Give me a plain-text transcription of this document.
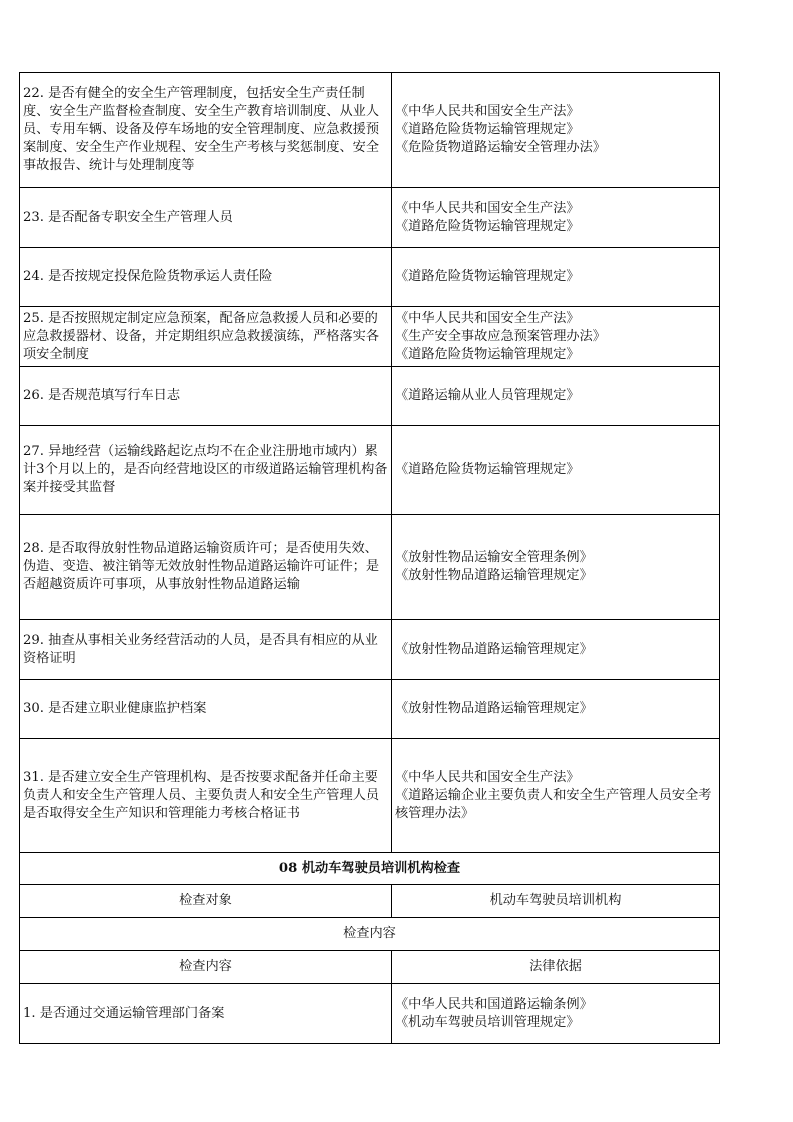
22. 是否有健全的安全生产管理制度，包括安全生产责任制度、安全生产监督检查制度、安全生产教育培训制度、从业人员、专用车辆、设备及停车场地的安全管理制度、应急救援预案制度、安全生产作业规程、安全生产考核与奖惩制度、安全事故报告、统计与处理制度等	《中华人民共和国安全生产法》
《道路危险货物运输管理规定》
《危险货物道路运输安全管理办法》

23. 是否配备专职安全生产管理人员	《中华人民共和国安全生产法》
《道路危险货物运输管理规定》

24. 是否按规定投保危险货物承运人责任险	《道路危险货物运输管理规定》

25. 是否按照规定制定应急预案，配备应急救援人员和必要的应急救援器材、设备，并定期组织应急救援演练，严格落实各项安全制度	《中华人民共和国安全生产法》
《生产安全事故应急预案管理办法》
《道路危险货物运输管理规定》

26. 是否规范填写行车日志	《道路运输从业人员管理规定》

27. 异地经营（运输线路起讫点均不在企业注册地市域内）累计3个月以上的，是否向经营地设区的市级道路运输管理机构备案并接受其监督	《道路危险货物运输管理规定》

28. 是否取得放射性物品道路运输资质许可；是否使用失效、伪造、变造、被注销等无效放射性物品道路运输许可证件；是否超越资质许可事项，从事放射性物品道路运输	《放射性物品运输安全管理条例》
《放射性物品道路运输管理规定》

29. 抽查从事相关业务经营活动的人员，是否具有相应的从业资格证明	《放射性物品道路运输管理规定》

30. 是否建立职业健康监护档案	《放射性物品道路运输管理规定》

31. 是否建立安全生产管理机构、是否按要求配备并任命主要负责人和安全生产管理人员、主要负责人和安全生产管理人员是否取得安全生产知识和管理能力考核合格证书	《中华人民共和国安全生产法》
《道路运输企业主要负责人和安全生产管理人员安全考核管理办法》

08 机动车驾驶员培训机构检查	
检查对象	机动车驾驶员培训机构
检查内容	
检查内容	法律依据
1. 是否通过交通运输管理部门备案	《中华人民共和国道路运输条例》
《机动车驾驶员培训管理规定》
